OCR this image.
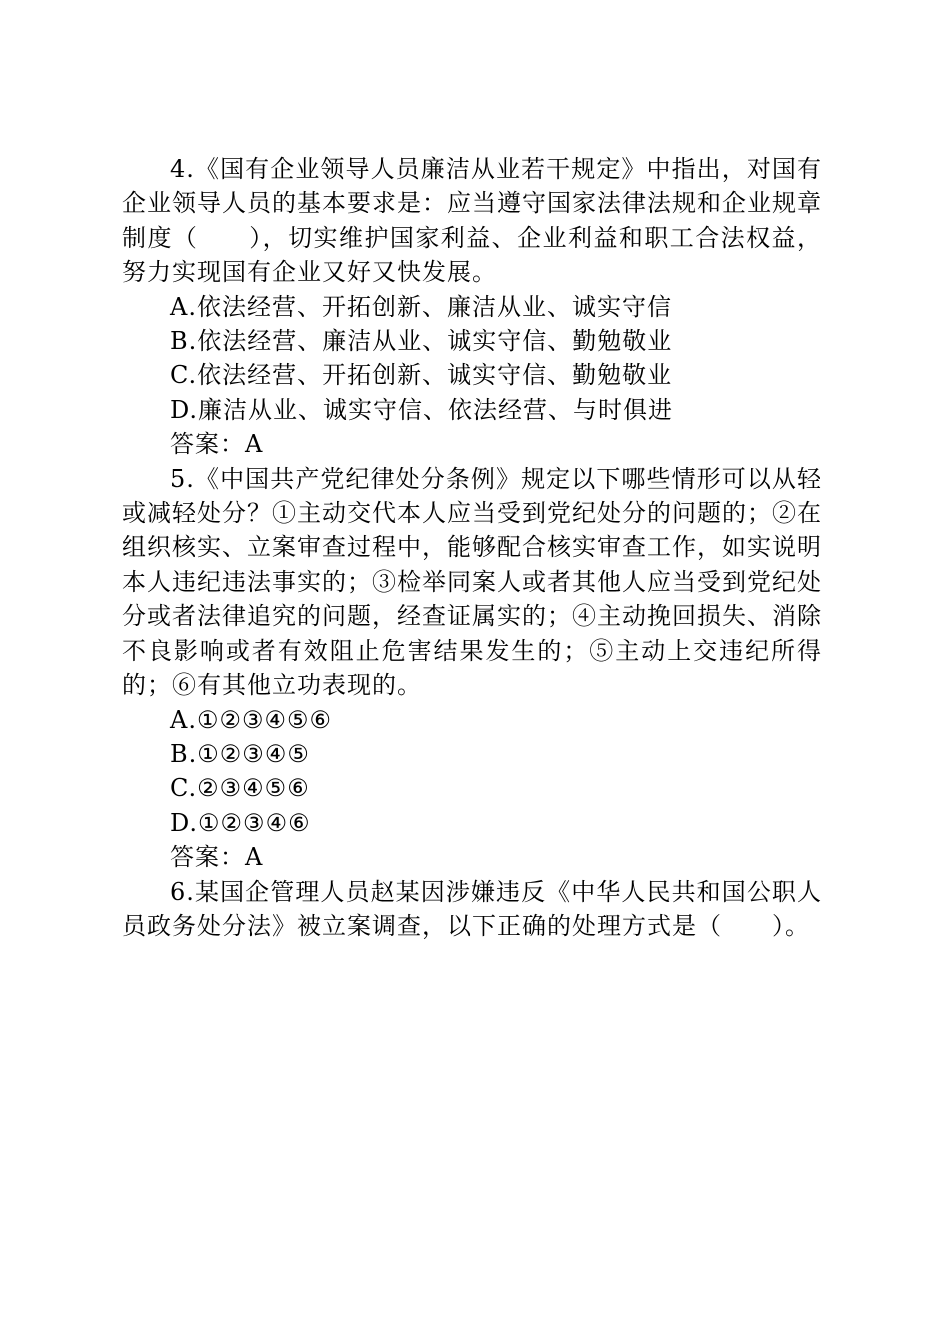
4.《国有企业领导人员廉洁从业若干规定》中指出，对国有企业领导人员的基本要求是：应当遵守国家法律法规和企业规章制度（　　），切实维护国家利益、企业利益和职工合法权益，努力实现国有企业又好又快发展。

A.依法经营、开拓创新、廉洁从业、诚实守信

B.依法经营、廉洁从业、诚实守信、勤勉敬业

C.依法经营、开拓创新、诚实守信、勤勉敬业

D.廉洁从业、诚实守信、依法经营、与时俱进

答案：A

5.《中国共产党纪律处分条例》规定以下哪些情形可以从轻或减轻处分？①主动交代本人应当受到党纪处分的问题的；②在组织核实、立案审查过程中，能够配合核实审查工作，如实说明本人违纪违法事实的；③检举同案人或者其他人应当受到党纪处分或者法律追究的问题，经查证属实的；④主动挽回损失、消除不良影响或者有效阻止危害结果发生的；⑤主动上交违纪所得的；⑥有其他立功表现的。

A.①②③④⑤⑥

B.①②③④⑤

C.②③④⑤⑥

D.①②③④⑥

答案：A

6.某国企管理人员赵某因涉嫌违反《中华人民共和国公职人员政务处分法》被立案调查，以下正确的处理方式是（　　）。
